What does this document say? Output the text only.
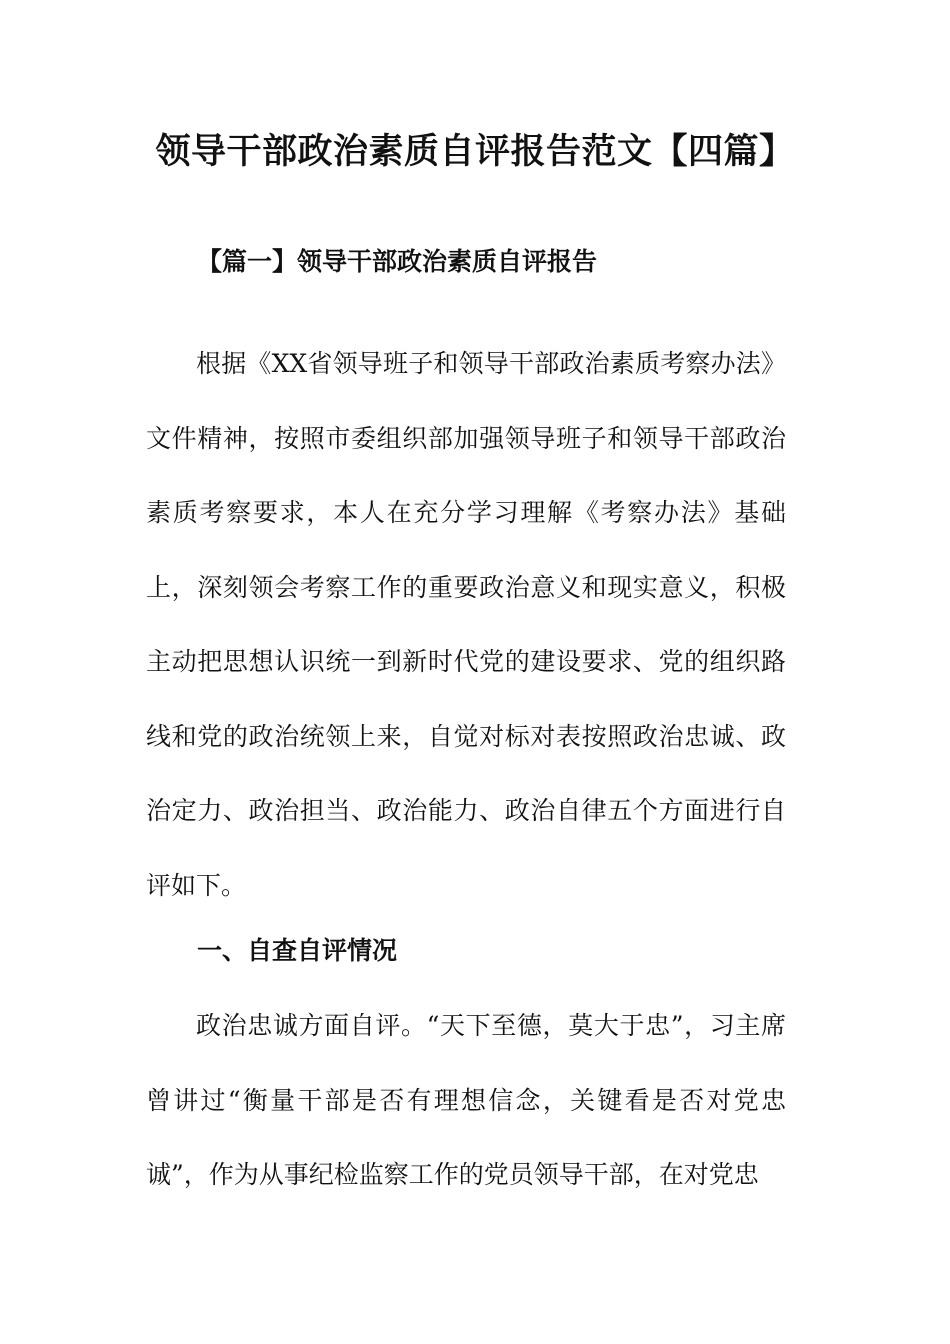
领导干部政治素质自评报告范文【四篇】
【篇一】领导干部政治素质自评报告

根据《XX省领导班子和领导干部政治素质考察办法》文件精神，按照市委组织部加强领导班子和领导干部政治素质考察要求，本人在充分学习理解《考察办法》基础上，深刻领会考察工作的重要政治意义和现实意义，积极主动把思想认识统一到新时代党的建设要求、党的组织路线和党的政治统领上来，自觉对标对表按照政治忠诚、政治定力、政治担当、政治能力、政治自律五个方面进行自评如下。

一、自查自评情况

政治忠诚方面自评。“天下至德，莫大于忠”，习主席曾讲过“衡量干部是否有理想信念，关键看是否对党忠诚”，作为从事纪检监察工作的党员领导干部，在对党忠
